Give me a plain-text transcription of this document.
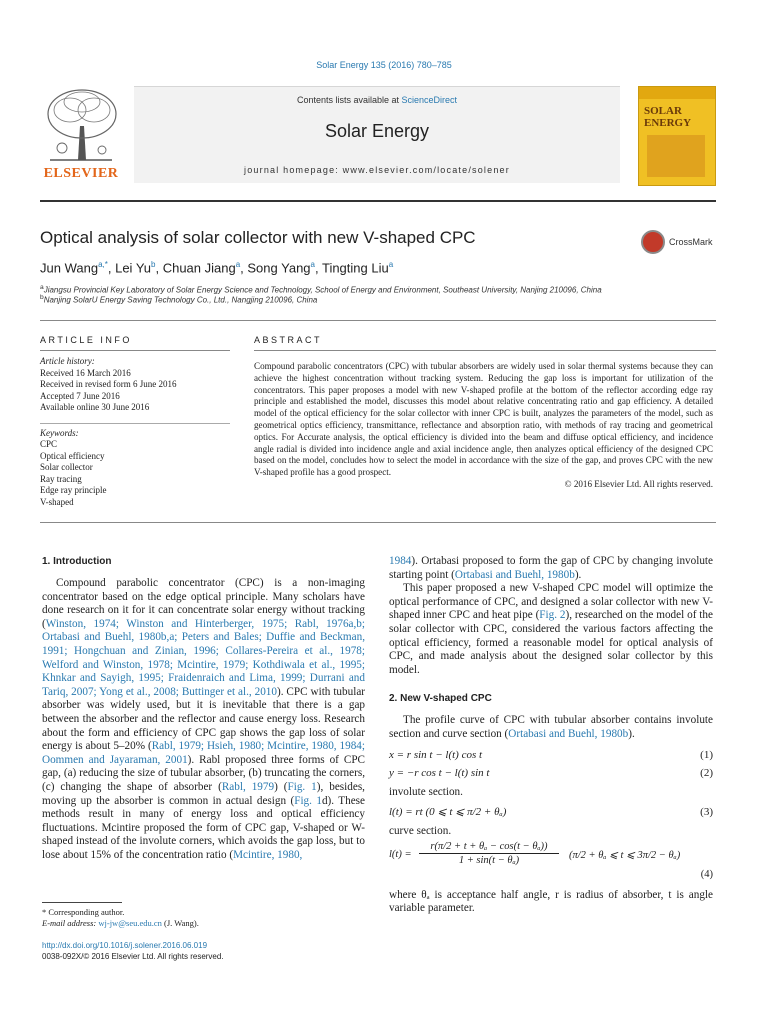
Solar Energy 135 (2016) 780–785
ELSEVIER
Contents lists available at ScienceDirect
Solar Energy
journal homepage: www.elsevier.com/locate/solener
SOLAR
ENERGY
Optical analysis of solar collector with new V-shaped CPC	CrossMark
Jun Wang$^{a,*}$, Lei Yu$^b$, Chuan Jiang$^a$, Song Yang$^a$, Tingting Liu$^a$
$^a$Jiangsu Provincial Key Laboratory of Solar Energy Science and Technology, School of Energy and Environment, Southeast University, Nanjing 210096, China
$^b$Nanjing SolarU Energy Saving Technology Co., Ltd., Nangjing 210096, China
ARTICLE INFO	ABSTRACT
Article history:
Received 16 March 2016
Received in revised form 6 June 2016
Accepted 7 June 2016
Available online 30 June 2016
Keywords:
CPC
Optical efficiency
Solar collector
Ray tracing
Edge ray principle
V-shaped
Compound parabolic concentrators (CPC) with tubular absorbers are widely used in solar thermal systems because they can achieve the highest concentration without tracking system. Reducing the gap loss is important for utilization of the concentrators. This paper proposes a model with new V-shaped profile at the bottom of the reflector according edge ray principle and established the model, discusses this model about relative concentrating ratio and gap efficiency. A detailed model of the optical efficiency for the solar collector with inner CPC is built, analyzes the parameters of the model, such as geometrical optics efficiency, transmittance, reflectance and absorption ratio, with methods of ray tracing and geometrical optics. For Accurate analysis, the optical efficiency is divided into the beam and diffuse optical efficiency, and incidence angle radial is divided into incidence angle and axial incidence angle, then analyzes optical efficiency of the designed CPC based on the model, concludes how to select the model in accordance with the size of the gap, and proves CPC with the new V-shaped profile has a good prospect.
© 2016 Elsevier Ltd. All rights reserved.
1. Introduction

Compound parabolic concentrator (CPC) is a non-imaging concentrator based on the edge optical principle. Many scholars have done research on it for it can concentrate solar energy without tracking (Winston, 1974; Winston and Hinterberger, 1975; Rabl, 1976a,b; Ortabasi and Buehl, 1980b,a; Peters and Bales; Duffie and Beckman, 1991; Hongchuan and Zinian, 1996; Collares-Pereira et al., 1978; Welford and Winston, 1978; Mcintire, 1979; Kothdiwala et al., 1995; Khnkar and Sayigh, 1995; Fraidenraich and Lima, 1999; Durrani and Tariq, 2007; Yong et al., 2008; Buttinger et al., 2010). CPC with tubular absorber was widely used, but it is inevitable that there is a gap between the absorber and the reflector and cause energy loss. Research about the form and efficiency of CPC gap shows the gap loss of solar energy is about 5–20% (Rabl, 1979; Hsieh, 1980; Mcintire, 1980, 1984; Oommen and Jayaraman, 2001). Rabl proposed three forms of CPC gap, (a) reducing the size of tubular absorber, (b) truncating the corners, (c) changing the shape of absorber (Rabl, 1979) (Fig. 1), besides, moving up the absorber is common in actual design (Fig. 1d). These methods result in many of energy loss and optical efficiency fluctuations. Mcintire proposed the form of CPC gap, V-shaped or W-shaped instead of the involute corners, which avoids the gap loss, but to lose about 15% of the concentration ratio (Mcintire, 1980,

1984). Ortabasi proposed to form the gap of CPC by changing involute starting point (Ortabasi and Buehl, 1980b).

This paper proposed a new V-shaped CPC model will optimize the optical performance of CPC, and designed a solar collector with new V-shaped inner CPC and heat pipe (Fig. 2), researched on the model of the solar collector with CPC, considered the various factors affecting the optical efficiency, formed a reasonable model for optical analysis of CPC, and made analysis about the designed solar collector by this model.

2. New V-shaped CPC

The profile curve of CPC with tubular absorber contains involute section and curve section (Ortabasi and Buehl, 1980b).

x = r sin t − l(t) cos t	(1)
y = −r cos t − l(t) sin t	(2)
involute section.
l(t) = rt (0 ⩽ t ⩽ π/2 + θₐ)	(3)
curve section.
l(t) =
r(π/2 + t + θₐ − cos(t − θₐ))
1 + sin(t − θₐ)	(π/2 + θₐ ⩽ t ⩽ 3π/2 − θₐ)
(4)
where θₐ is acceptance half angle, r is radius of absorber, t is angle variable parameter.
* Corresponding author.
E-mail address: wj-jw@seu.edu.cn (J. Wang).
http://dx.doi.org/10.1016/j.solener.2016.06.019
0038-092X/© 2016 Elsevier Ltd. All rights reserved.
